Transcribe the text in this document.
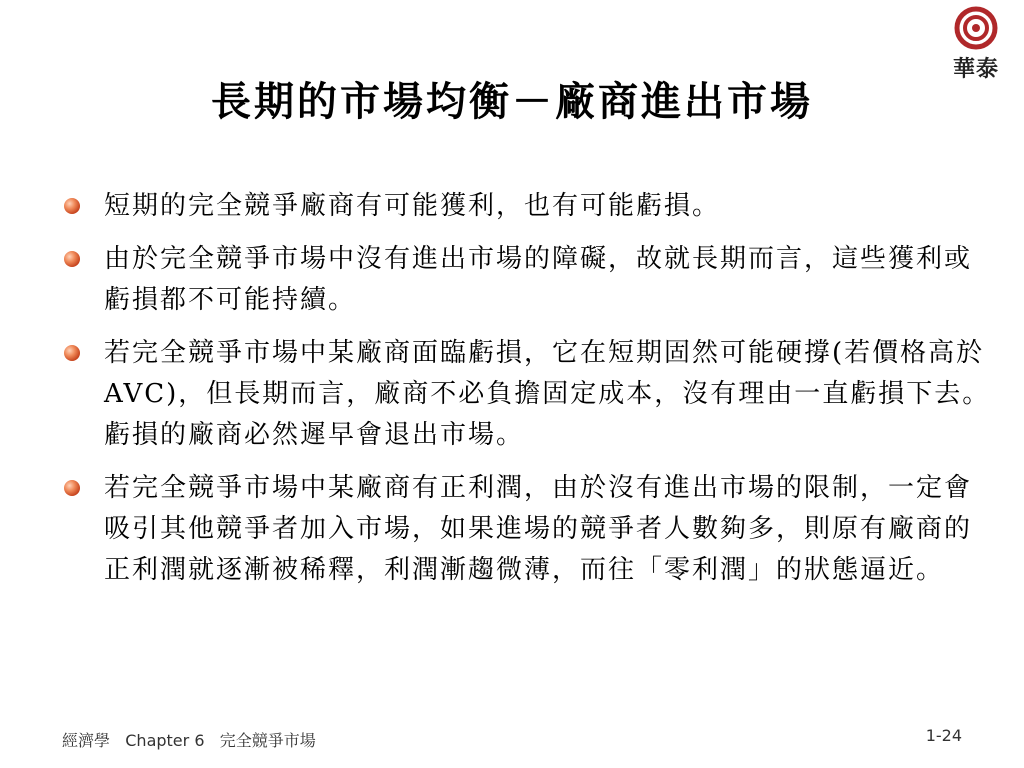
華泰
長期的市場均衡－廠商進出市場
短期的完全競爭廠商有可能獲利，也有可能虧損。
由於完全競爭市場中沒有進出市場的障礙，故就長期而言，這些獲利或虧損都不可能持續。
若完全競爭市場中某廠商面臨虧損，它在短期固然可能硬撐(若價格高於 AVC)，但長期而言，廠商不必負擔固定成本，沒有理由一直虧損下去。虧損的廠商必然遲早會退出市場。
若完全競爭市場中某廠商有正利潤，由於沒有進出市場的限制，一定會吸引其他競爭者加入市場，如果進場的競爭者人數夠多，則原有廠商的正利潤就逐漸被稀釋，利潤漸趨微薄，而往「零利潤」的狀態逼近。
經濟學   Chapter 6   完全競爭市場	1-24
